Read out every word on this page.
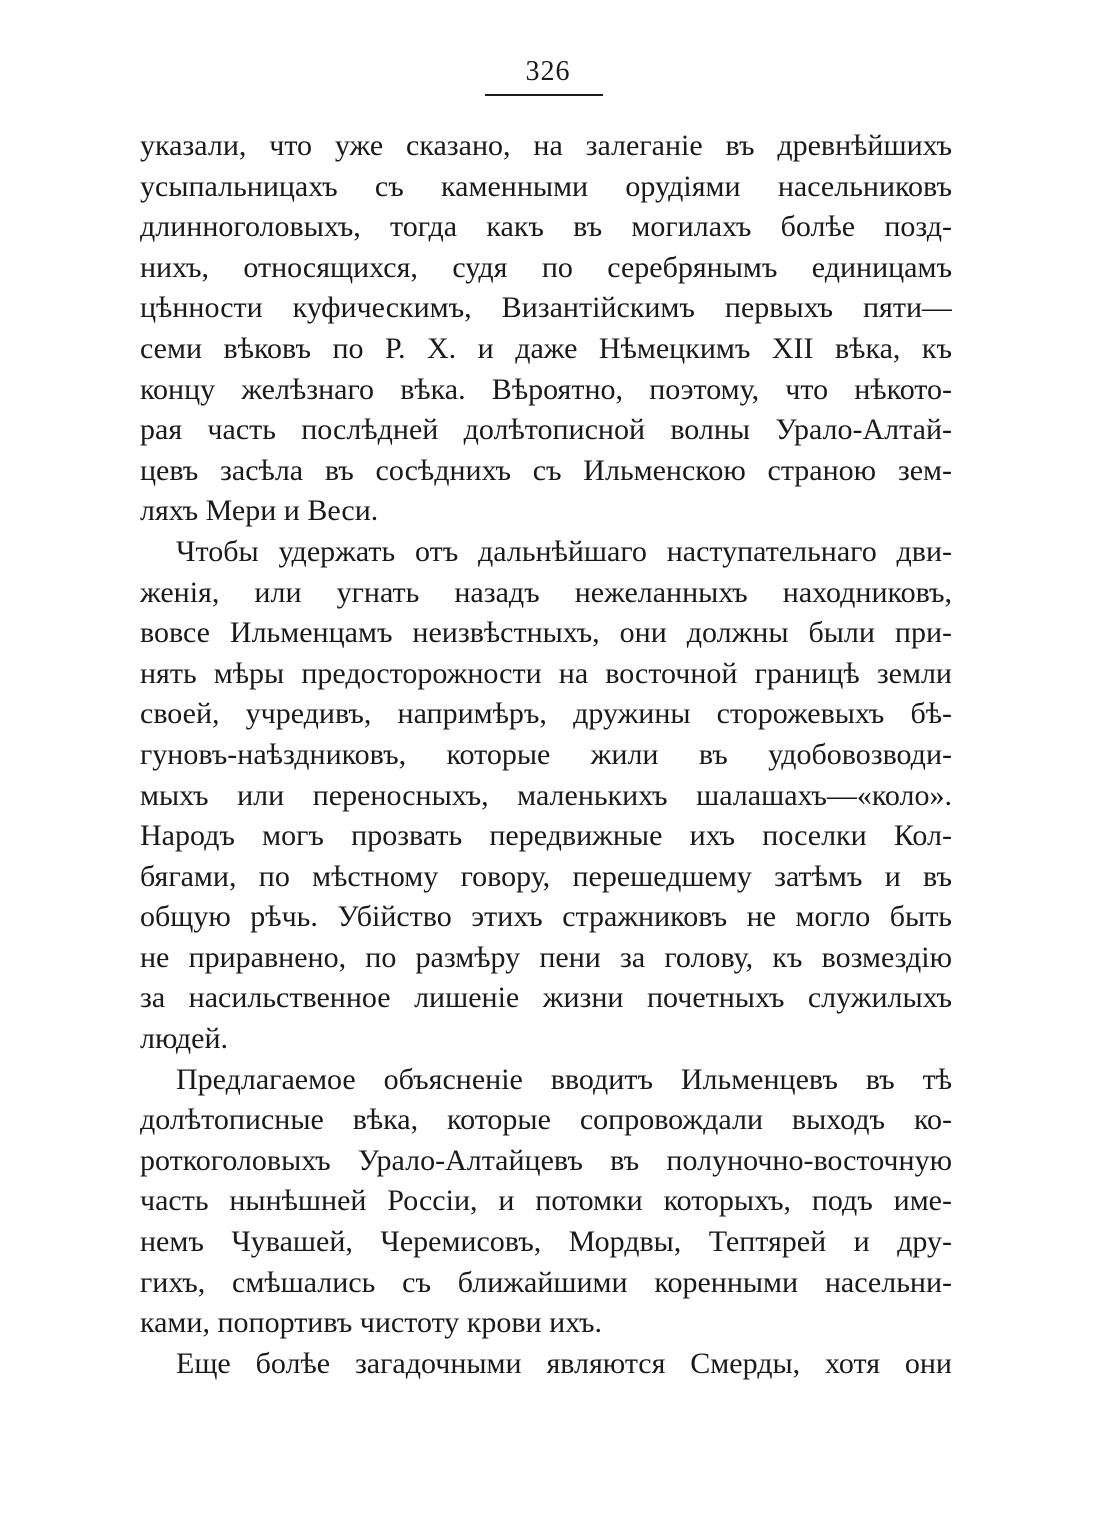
326
указали, что уже сказано, на залеганіе въ древнѣйшихъ
усыпальницахъ съ каменными орудіями насельниковъ
длинноголовыхъ, тогда какъ въ могилахъ болѣе позд-
нихъ, относящихся, судя по серебрянымъ единицамъ
цѣнности куфическимъ, Византійскимъ первыхъ пяти—
семи вѣковъ по Р. Х. и даже Нѣмецкимъ XII вѣка, къ
концу желѣзнаго вѣка. Вѣроятно, поэтому, что нѣкото-
рая часть послѣдней долѣтописной волны Урало-Алтай-
цевъ засѣла въ сосѣднихъ съ Ильменскою страною зем-
ляхъ Мери и Веси.
Чтобы удержать отъ дальнѣйшаго наступательнаго дви-
женія, или угнать назадъ нежеланныхъ находниковъ,
вовсе Ильменцамъ неизвѣстныхъ, они должны были при-
нять мѣры предосторожности на восточной границѣ земли
своей, учредивъ, напримѣръ, дружины сторожевыхъ бѣ-
гуновъ-наѣздниковъ, которые жили въ удобовозводи-
мыхъ или переносныхъ, маленькихъ шалашахъ—«коло».
Народъ могъ прозвать передвижные ихъ поселки Кол-
бягами, по мѣстному говору, перешедшему затѣмъ и въ
общую рѣчь. Убійство этихъ стражниковъ не могло быть
не приравнено, по размѣру пени за голову, къ возмездію
за насильственное лишеніе жизни почетныхъ служилыхъ
людей.
Предлагаемое объясненіе вводитъ Ильменцевъ въ тѣ
долѣтописные вѣка, которые сопровождали выходъ ко-
роткоголовыхъ Урало-Алтайцевъ въ полуночно-восточную
часть нынѣшней Россіи, и потомки которыхъ, подъ име-
немъ Чувашей, Черемисовъ, Мордвы, Тептярей и дру-
гихъ, смѣшались съ ближайшими коренными насельни-
ками, попортивъ чистоту крови ихъ.
Еще болѣе загадочными являются Смерды, хотя они
